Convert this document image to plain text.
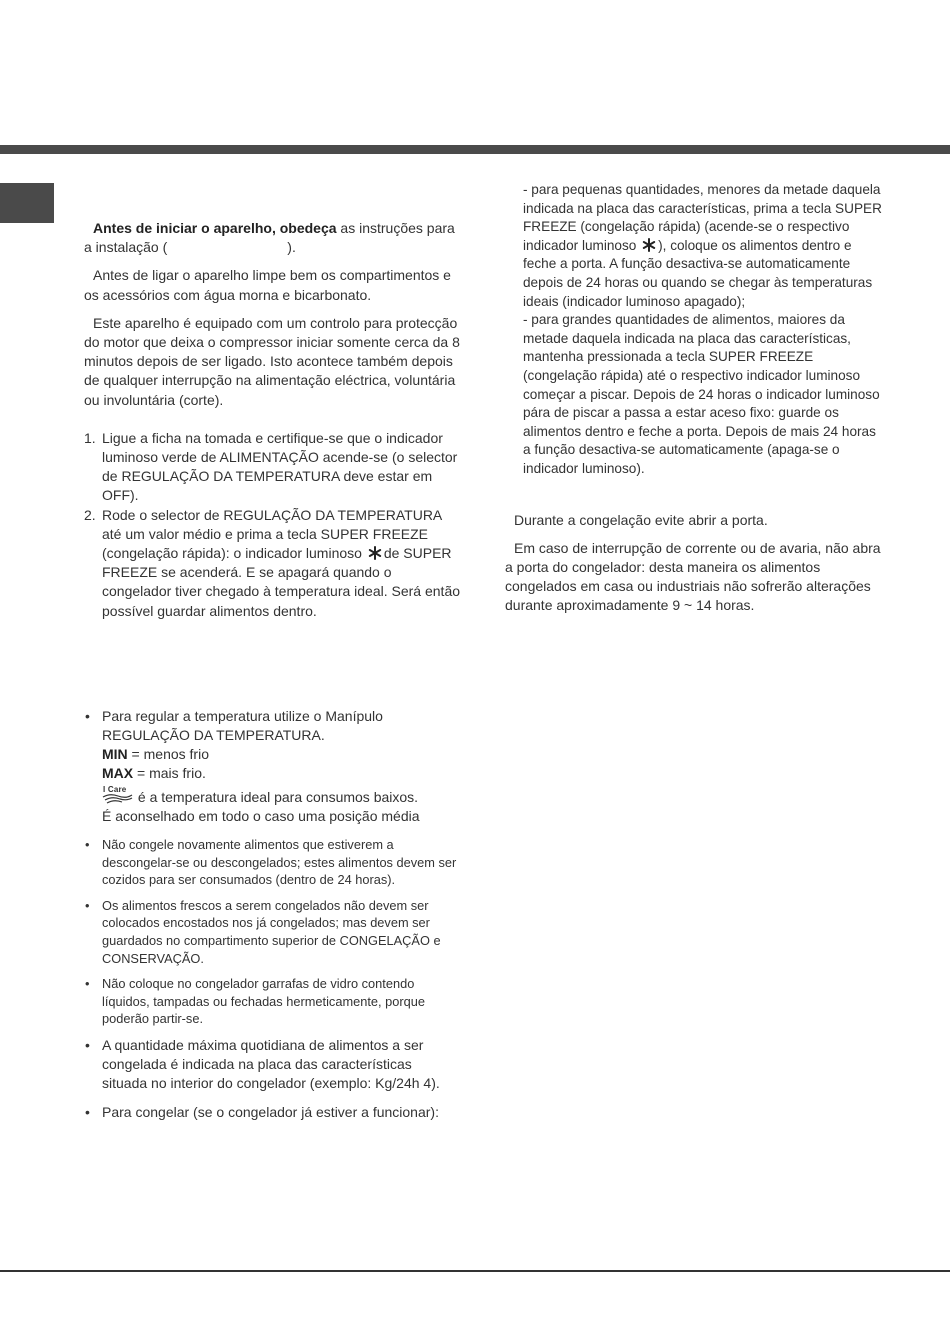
Antes de iniciar o aparelho, obedeça as instruções para a instalação (	).

Antes de ligar o aparelho limpe bem os compartimentos e os acessórios com água morna e bicarbonato.

Este aparelho é equipado com um controlo para protecção do motor que deixa o compressor iniciar somente cerca da 8 minutos depois de ser ligado. Isto acontece também depois de qualquer interrupção na alimentação eléctrica, voluntária ou involuntária (corte).

1. Ligue a ficha na tomada e certifique-se que o indicador luminoso verde de ALIMENTAÇÃO acende-se (o selector de REGULAÇÃO DA TEMPERATURA deve estar em OFF).
2. Rode o selector de REGULAÇÃO DA TEMPERATURA até um valor médio e prima a tecla SUPER FREEZE (congelação rápida): o indicador luminoso de SUPER FREEZE se acenderá. E se apagará quando o congelador tiver chegado à temperatura ideal. Será então possível guardar alimentos dentro.
• Para regular a temperatura utilize o Manípulo REGULAÇÃO DA TEMPERATURA.
MIN = menos frio
MAX = mais frio.

I Care é a temperatura ideal para consumos baixos.
É aconselhado em todo o caso uma posição média
• Não congele novamente alimentos que estiverem a descongelar-se ou descongelados; estes alimentos devem ser cozidos para ser consumados (dentro de 24 horas).
• Os alimentos frescos a serem congelados não devem ser colocados encostados nos já congelados; mas devem ser guardados no compartimento superior de CONGELAÇÃO e CONSERVAÇÃO.
• Não coloque no congelador garrafas de vidro contendo líquidos, tampadas ou fechadas hermeticamente, porque poderão partir-se.
• A quantidade máxima quotidiana de alimentos a ser congelada é indicada na placa das características situada no interior do congelador (exemplo: Kg/24h 4).
• Para congelar (se o congelador já estiver a funcionar):

- para pequenas quantidades, menores da metade daquela indicada na placa das características, prima a tecla SUPER FREEZE (congelação rápida) (acende-se o respectivo indicador luminoso ), coloque os alimentos dentro e feche a porta. A função desactiva-se automaticamente depois de 24 horas ou quando se chegar às temperaturas ideais (indicador luminoso apagado);

- para grandes quantidades de alimentos, maiores da metade daquela indicada na placa das características, mantenha pressionada a tecla SUPER FREEZE (congelação rápida) até o respectivo indicador luminoso começar a piscar. Depois de 24 horas o indicador luminoso pára de piscar a passa a estar aceso fixo: guarde os alimentos dentro e feche a porta. Depois de mais 24 horas a função desactiva-se automaticamente (apaga-se o indicador luminoso).

Durante a congelação evite abrir a porta.

Em caso de interrupção de corrente ou de avaria, não abra a porta do congelador: desta maneira os alimentos congelados em casa ou industriais não sofrerão alterações durante aproximadamente 9 ~ 14 horas.
